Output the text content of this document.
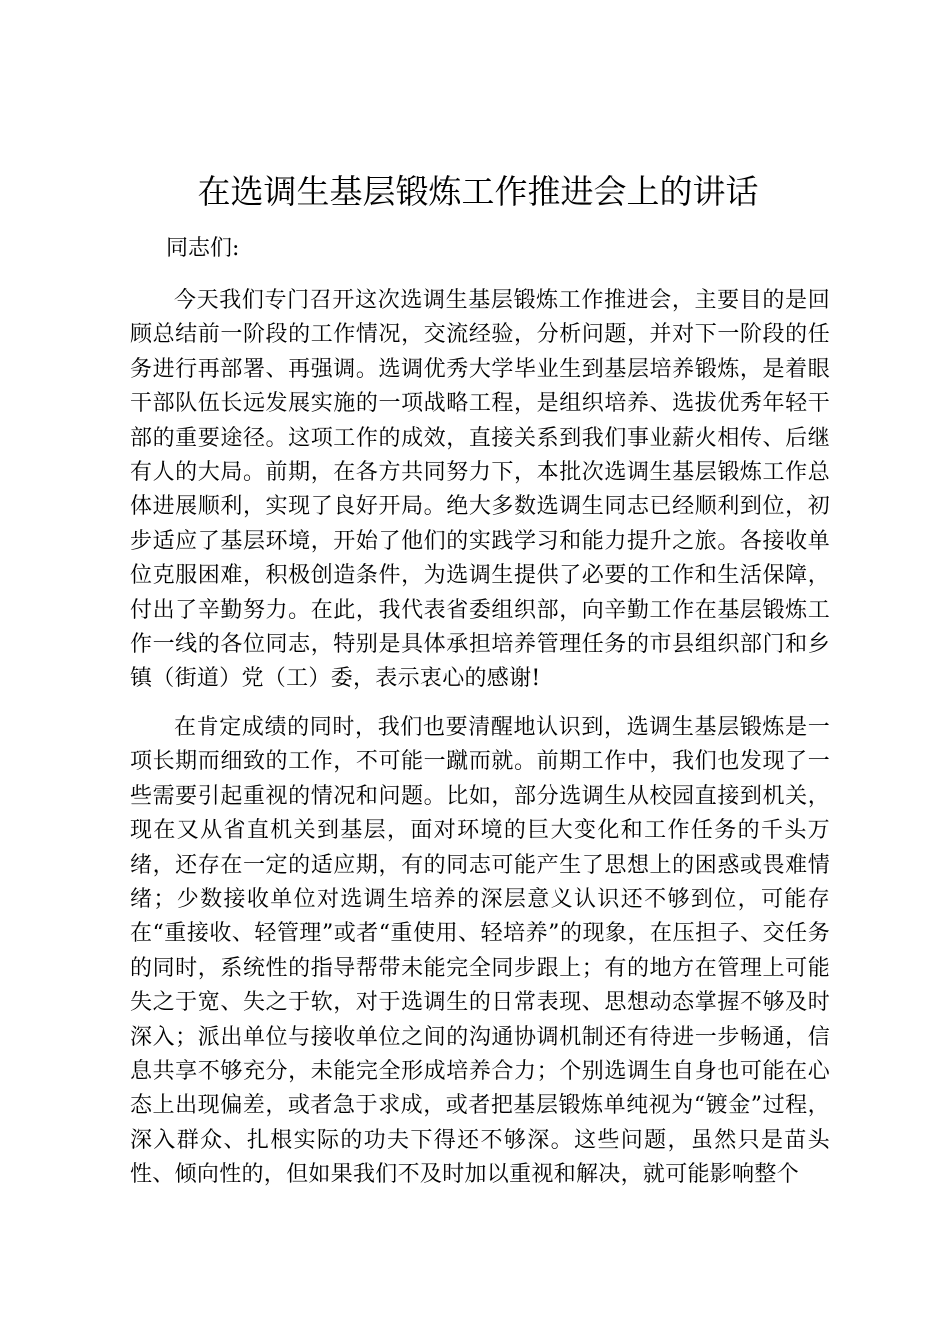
在选调生基层锻炼工作推进会上的讲话

同志们:

今天我们专门召开这次选调生基层锻炼工作推进会，主要目的是回顾总结前一阶段的工作情况，交流经验，分析问题，并对下一阶段的任务进行再部署、再强调。选调优秀大学毕业生到基层培养锻炼，是着眼干部队伍长远发展实施的一项战略工程，是组织培养、选拔优秀年轻干部的重要途径。这项工作的成效，直接关系到我们事业薪火相传、后继有人的大局。前期，在各方共同努力下，本批次选调生基层锻炼工作总体进展顺利，实现了良好开局。绝大多数选调生同志已经顺利到位，初步适应了基层环境，开始了他们的实践学习和能力提升之旅。各接收单位克服困难，积极创造条件，为选调生提供了必要的工作和生活保障，付出了辛勤努力。在此，我代表省委组织部，向辛勤工作在基层锻炼工作一线的各位同志，特别是具体承担培养管理任务的市县组织部门和乡镇（街道）党（工）委，表示衷心的感谢!

在肯定成绩的同时，我们也要清醒地认识到，选调生基层锻炼是一项长期而细致的工作，不可能一蹴而就。前期工作中，我们也发现了一些需要引起重视的情况和问题。比如，部分选调生从校园直接到机关，现在又从省直机关到基层，面对环境的巨大变化和工作任务的千头万绪，还存在一定的适应期，有的同志可能产生了思想上的困惑或畏难情绪；少数接收单位对选调生培养的深层意义认识还不够到位，可能存在“重接收、轻管理”或者“重使用、轻培养”的现象，在压担子、交任务的同时，系统性的指导帮带未能完全同步跟上；有的地方在管理上可能失之于宽、失之于软，对于选调生的日常表现、思想动态掌握不够及时深入；派出单位与接收单位之间的沟通协调机制还有待进一步畅通，信息共享不够充分，未能完全形成培养合力；个别选调生自身也可能在心态上出现偏差，或者急于求成，或者把基层锻炼单纯视为“镀金”过程，深入群众、扎根实际的功夫下得还不够深。这些问题，虽然只是苗头性、倾向性的，但如果我们不及时加以重视和解决，就可能影响整个
